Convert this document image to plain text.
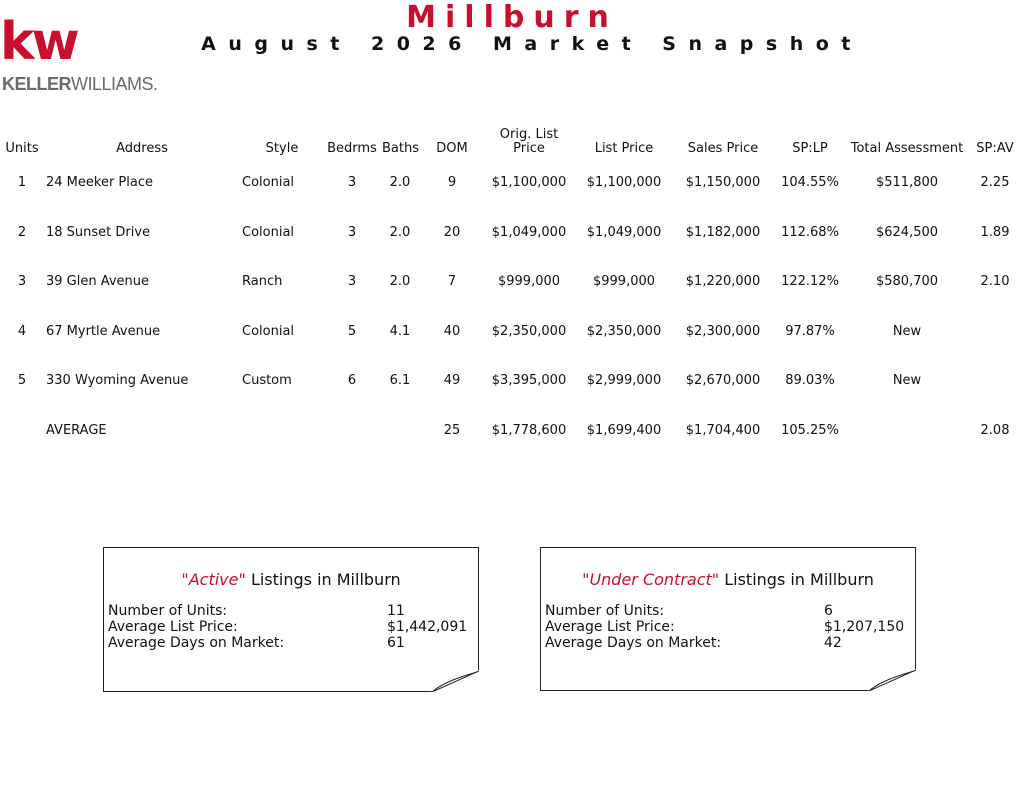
kw
KELLERWILLIAMS.
Millburn
August 2026 Market Snapshot
Units	Address	Style	Bedrms	Baths	DOM	Orig. List Price	List Price	Sales Price	SP:LP	Total Assessment	SP:AV
1	24 Meeker Place	Colonial	3	2.0	9	$1,100,000	$1,100,000	$1,150,000	104.55%	$511,800	2.25
2	18 Sunset Drive	Colonial	3	2.0	20	$1,049,000	$1,049,000	$1,182,000	112.68%	$624,500	1.89
3	39 Glen Avenue	Ranch	3	2.0	7	$999,000	$999,000	$1,220,000	122.12%	$580,700	2.10
4	67 Myrtle Avenue	Colonial	5	4.1	40	$2,350,000	$2,350,000	$2,300,000	97.87%	New	
5	330 Wyoming Avenue	Custom	6	6.1	49	$3,395,000	$2,999,000	$2,670,000	89.03%	New	
	AVERAGE				25	$1,778,600	$1,699,400	$1,704,400	105.25%		2.08
"Active" Listings in Millburn
Number of Units:	11
Average List Price:	$1,442,091
Average Days on Market:	61
"Under Contract" Listings in Millburn
Number of Units:	6
Average List Price:	$1,207,150
Average Days on Market:	42
